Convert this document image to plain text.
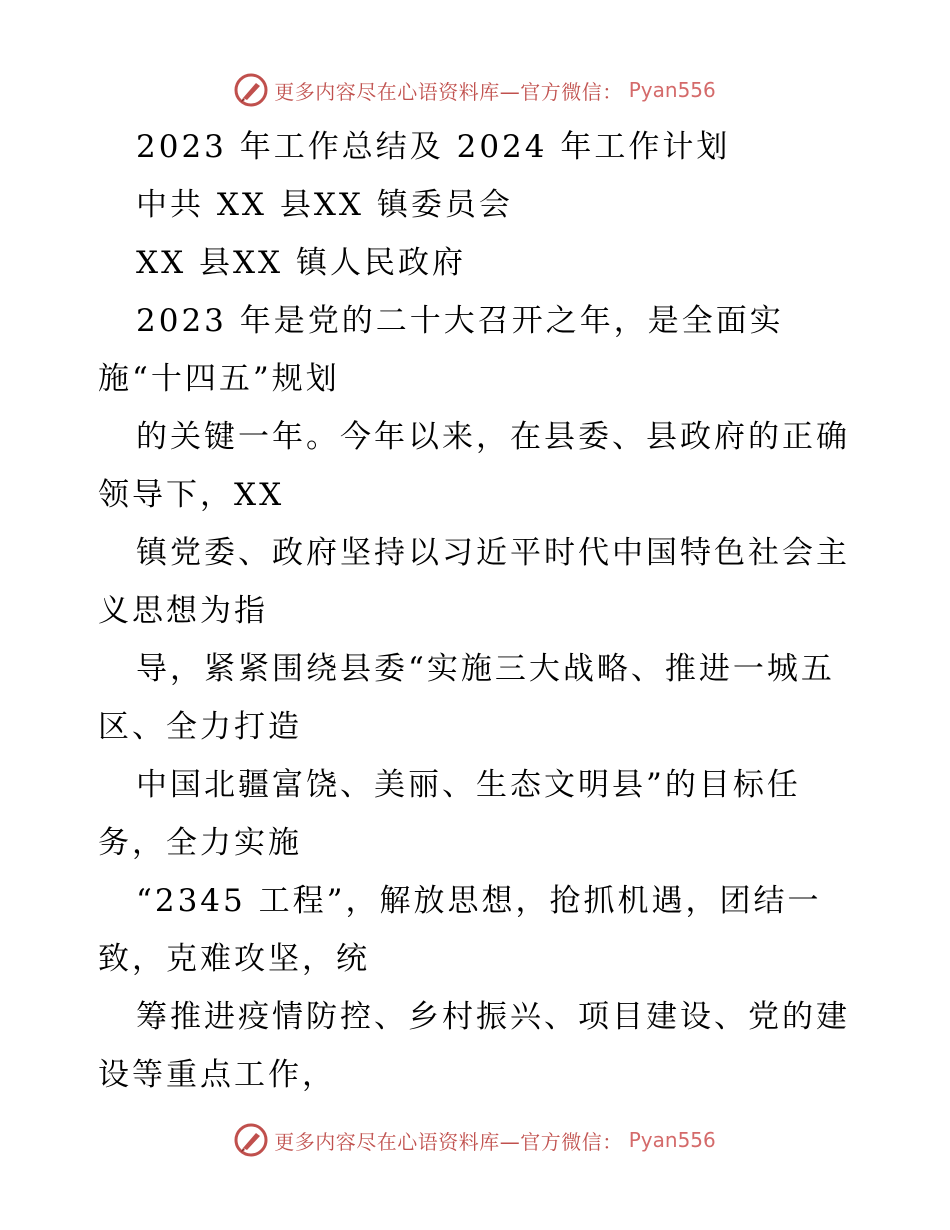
更多内容尽在心语资料库—官方微信： Pyan556
2023 年工作总结及 2024 年工作计划
中共 XX 县XX 镇委员会
XX 县XX 镇人民政府
2023 年是党的二十大召开之年，是全面实
施“十四五”规划
的关键一年。今年以来，在县委、县政府的正确
领导下，XX
镇党委、政府坚持以习近平时代中国特色社会主
义思想为指
导，紧紧围绕县委“实施三大战略、推进一城五
区、全力打造
中国北疆富饶、美丽、生态文明县”的目标任
务，全力实施
“2345 工程”，解放思想，抢抓机遇，团结一
致，克难攻坚，统
筹推进疫情防控、乡村振兴、项目建设、党的建
设等重点工作，
更多内容尽在心语资料库—官方微信： Pyan556
